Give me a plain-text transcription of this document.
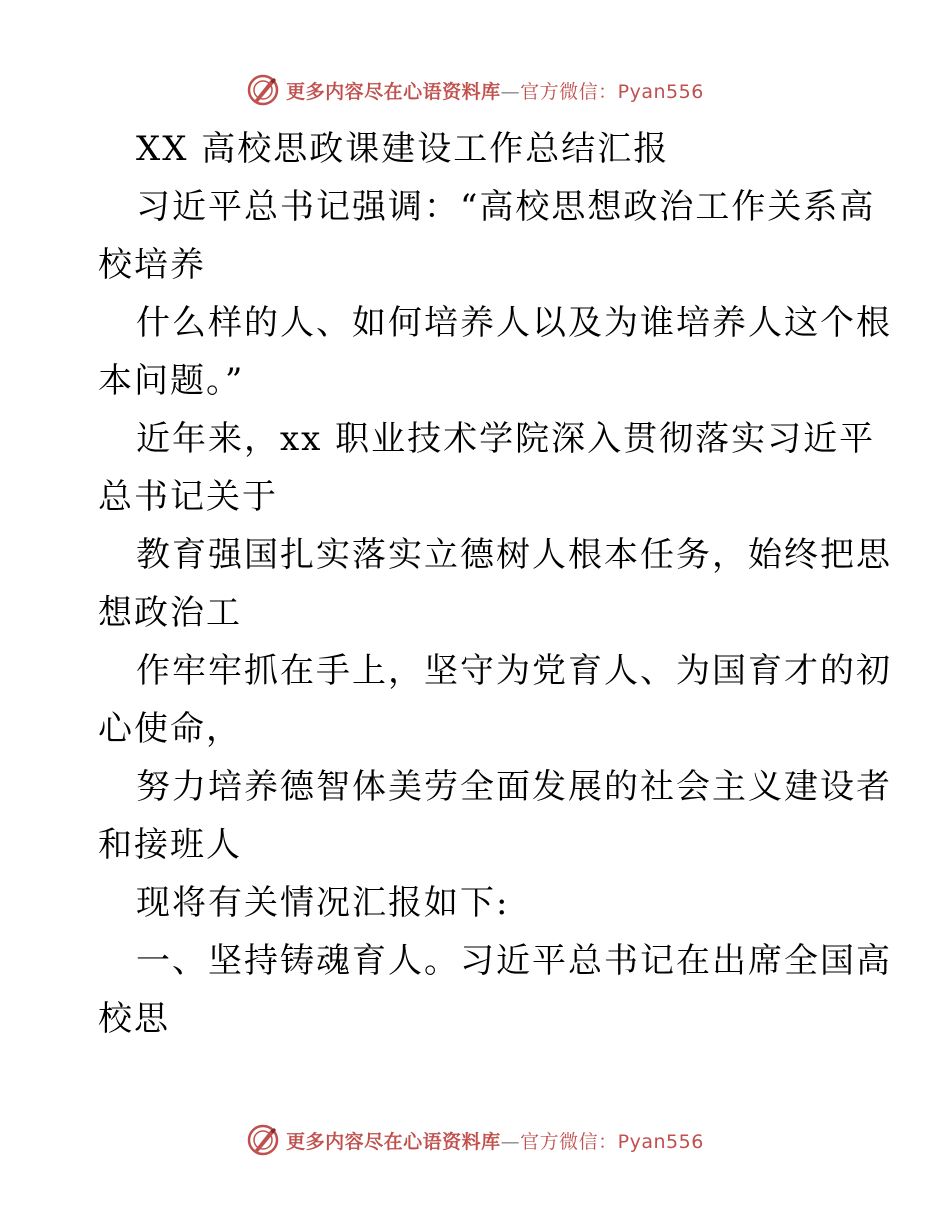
更多内容尽在心语资料库—官方微信：Pyan556
XX 高校思政课建设工作总结汇报
习近平总书记强调：“高校思想政治工作关系高
校培养
什么样的人、如何培养人以及为谁培养人这个根
本问题。”
近年来，xx 职业技术学院深入贯彻落实习近平
总书记关于
教育强国扎实落实立德树人根本任务，始终把思
想政治工
作牢牢抓在手上，坚守为党育人、为国育才的初
心使命，
努力培养德智体美劳全面发展的社会主义建设者
和接班人
现将有关情况汇报如下:
一、坚持铸魂育人。习近平总书记在出席全国高
校思
更多内容尽在心语资料库—官方微信：Pyan556
